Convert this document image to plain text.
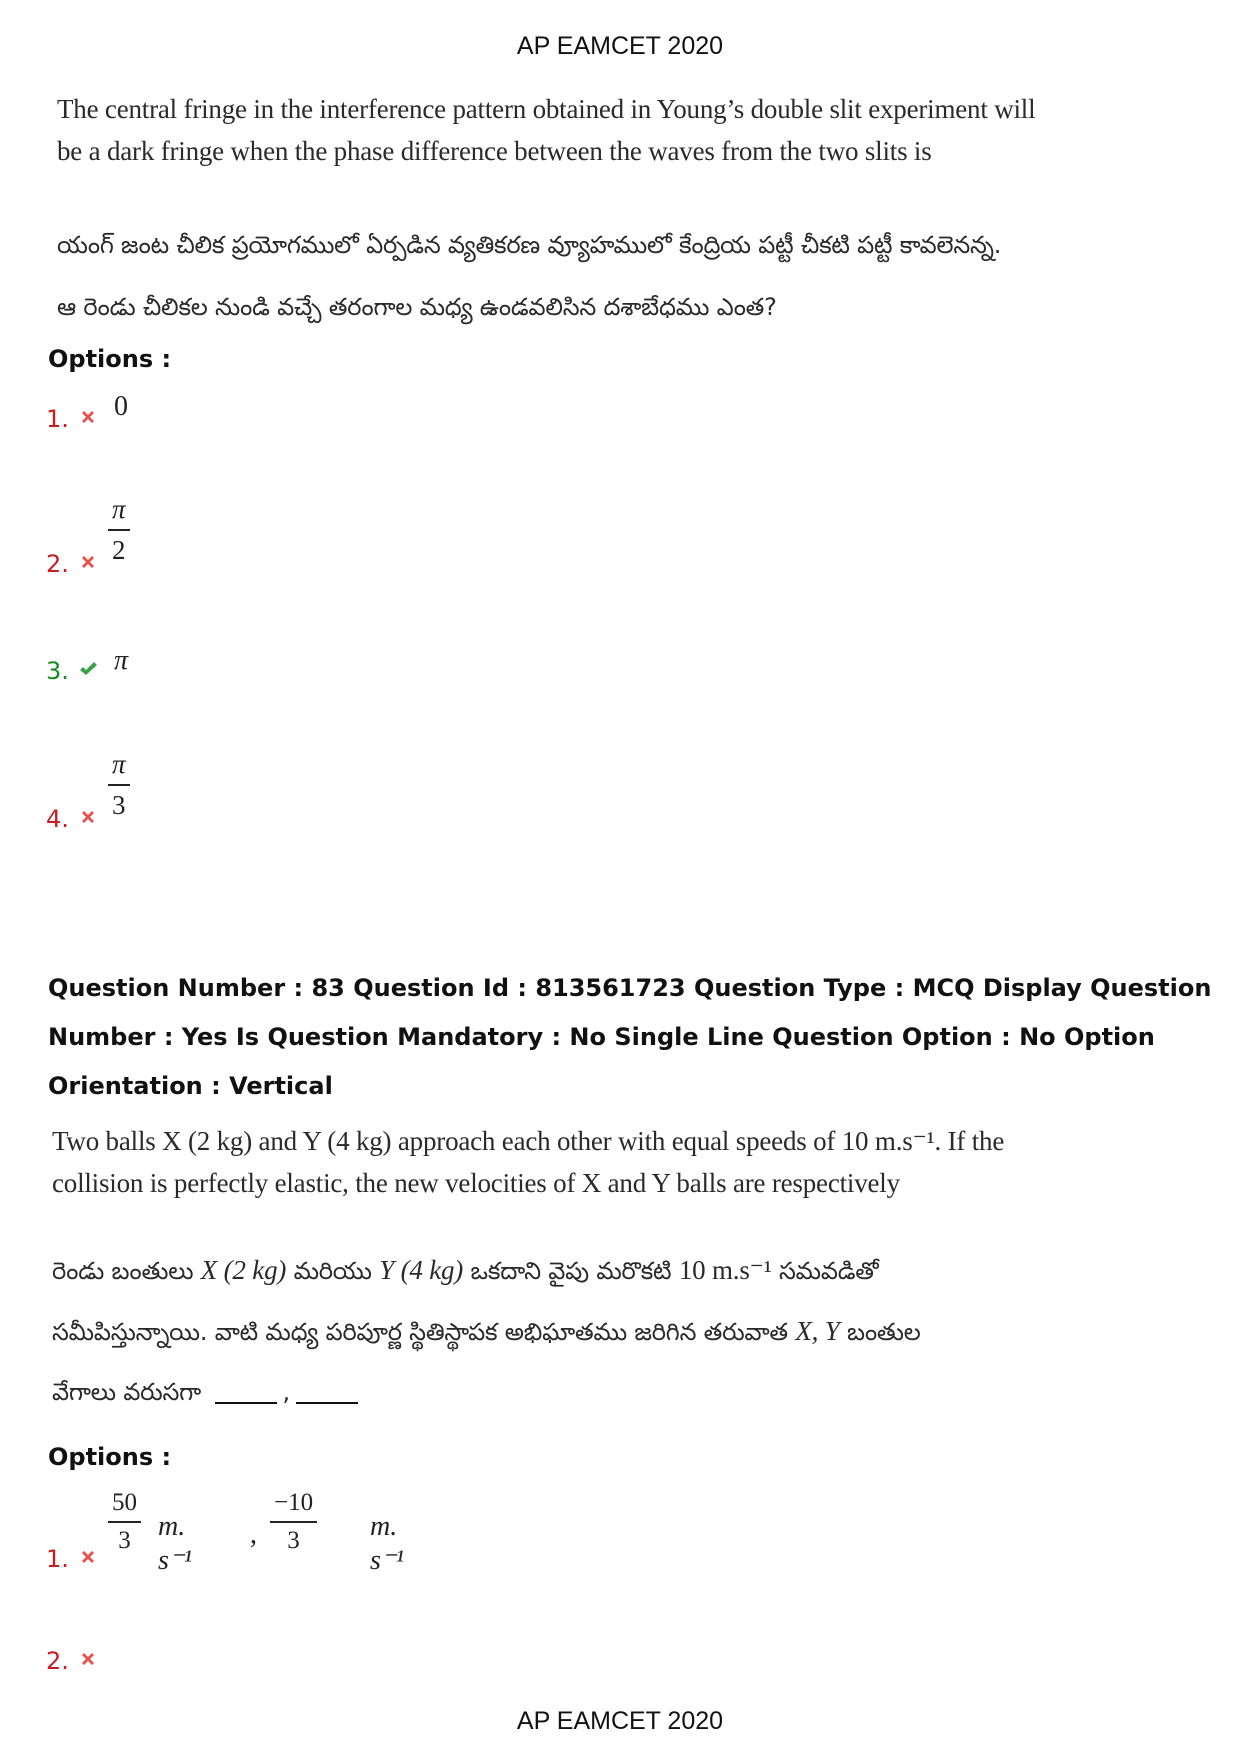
AP EAMCET 2020
The central fringe in the interference pattern obtained in Young’s double slit experiment will
be a dark fringe when the phase difference between the waves from the two slits is
యంగ్ జంట చీలిక ప్రయోగములో ఏర్పడిన వ్యతికరణ వ్యూహములో కేంద్రియ పట్టీ చీకటి పట్టీ కావలెనన్న.
ఆ రెండు చీలికల నుండి వచ్చే తరంగాల మధ్య ఉండవలిసిన దశాబేధము ఎంత?
Options :
1. 0
2. $\frac{\pi}{2}$
3. π
4. $\frac{\pi}{3}$
Question Number : 83 Question Id : 813561723 Question Type : MCQ Display Question
Number : Yes Is Question Mandatory : No Single Line Question Option : No Option
Orientation : Vertical
Two balls X (2 kg) and Y (4 kg) approach each other with equal speeds of 10 m.s⁻¹. If the
collision is perfectly elastic, the new velocities of X and Y balls are respectively
రెండు బంతులు X (2 kg) మరియు Y (4 kg) ఒకదాని వైపు మరొకటి 10 m.s⁻¹ సమవడితో
సమీపిస్తున్నాయి. వాటి మధ్య పరిపూర్ణ స్థితిస్థాపక అభిఘాతము జరిగిన తరువాత X, Y బంతుల
వేగాలు వరుసగా	,
Options :
1.
$\frac{50}{3} m$. s⁻¹
, $\frac{-10}{3} m$. s⁻¹
2.
AP EAMCET 2020
